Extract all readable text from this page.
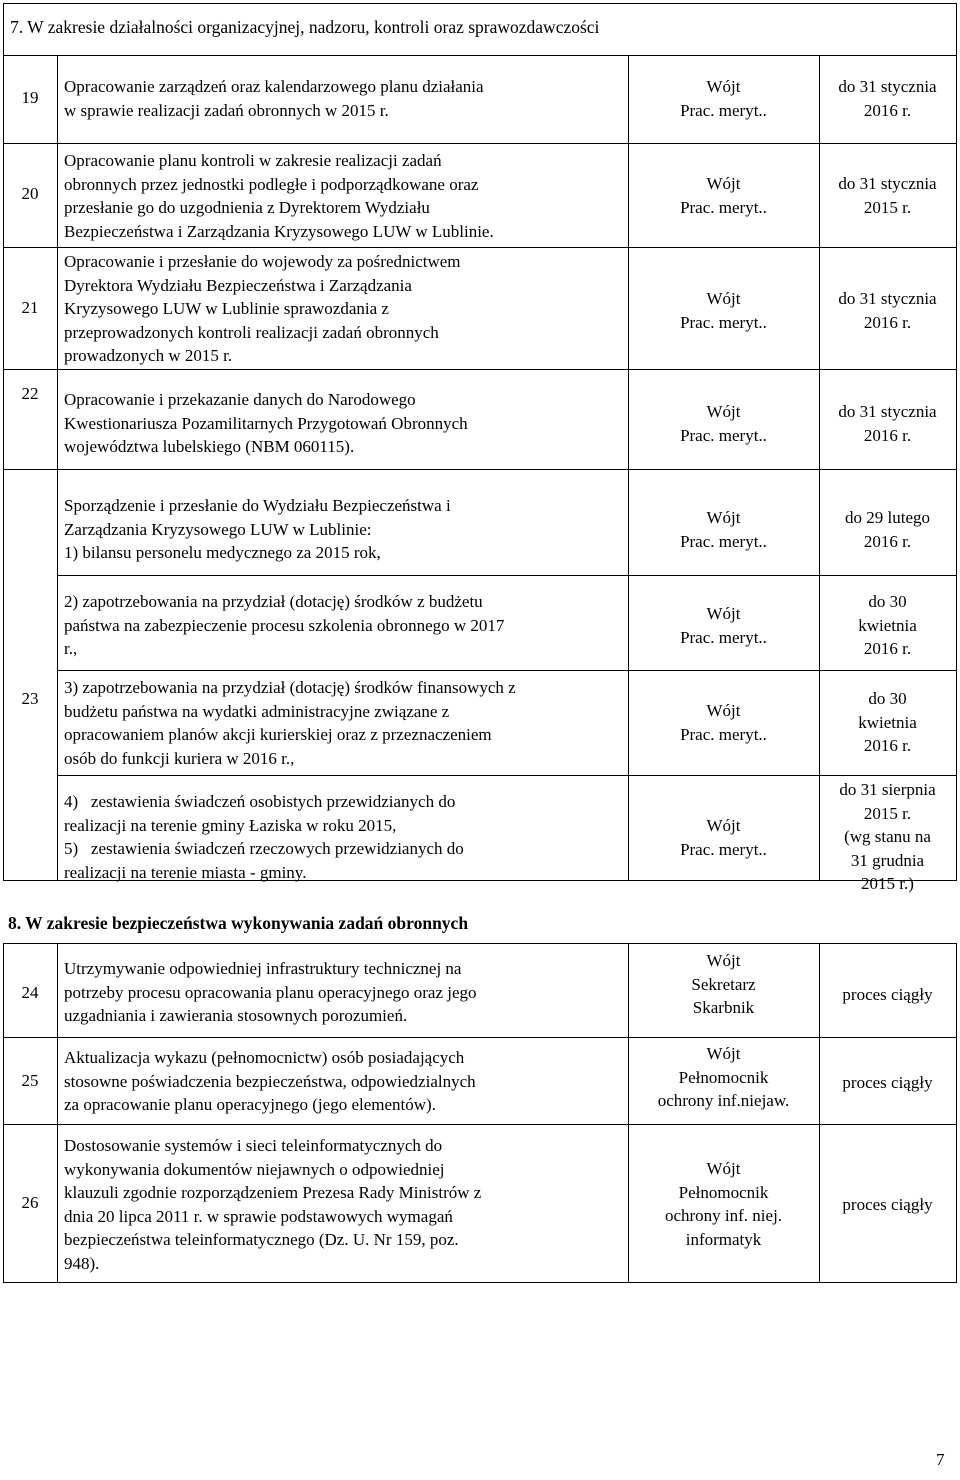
7. W zakresie działalności organizacyjnej, nadzoru, kontroli oraz sprawozdawczości
19
Opracowanie zarządzeń oraz kalendarzowego planu działania
w sprawie realizacji zadań obronnych w 2015 r.
Wójt
Prac. meryt..
do 31 stycznia
2016 r.
20
Opracowanie planu kontroli w zakresie realizacji zadań
obronnych przez jednostki podległe i podporządkowane oraz
przesłanie go do uzgodnienia z Dyrektorem Wydziału
Bezpieczeństwa i Zarządzania Kryzysowego LUW w Lublinie.
Wójt
Prac. meryt..
do 31 stycznia
2015 r.
21
Opracowanie i przesłanie do wojewody za pośrednictwem
Dyrektora Wydziału Bezpieczeństwa i Zarządzania
Kryzysowego LUW w Lublinie sprawozdania z
przeprowadzonych kontroli realizacji zadań obronnych
prowadzonych w 2015 r.
Wójt
Prac. meryt..
do 31 stycznia
2016 r.
22	Opracowanie i przekazanie danych do Narodowego
Kwestionariusza Pozamilitarnych Przygotowań Obronnych
województwa lubelskiego (NBM 060115).
Wójt
Prac. meryt..
do 31 stycznia
2016 r.
23
Sporządzenie i przesłanie do Wydziału Bezpieczeństwa i
Zarządzania Kryzysowego LUW w Lublinie:
1) bilansu personelu medycznego za 2015 rok,
Wójt
Prac. meryt..
do 29 lutego
2016 r.
2) zapotrzebowania na przydział (dotację) środków z budżetu
państwa na zabezpieczenie procesu szkolenia obronnego w 2017
r.,
Wójt
Prac. meryt..
do 30
kwietnia
2016 r.
3) zapotrzebowania na przydział (dotację) środków finansowych z
budżetu państwa na wydatki administracyjne związane z
opracowaniem planów akcji kurierskiej oraz z przeznaczeniem
osób do funkcji kuriera w 2016 r.,
Wójt
Prac. meryt..
do 30
kwietnia
2016 r.
4)   zestawienia świadczeń osobistych przewidzianych do
realizacji na terenie gminy Łaziska w roku 2015,
5)   zestawienia świadczeń rzeczowych przewidzianych do
realizacji na terenie miasta - gminy.
Wójt
Prac. meryt..
do 31 sierpnia
2015 r.
(wg stanu na
31 grudnia
2015 r.)
8. W zakresie bezpieczeństwa wykonywania zadań obronnych
24
Utrzymywanie odpowiedniej infrastruktury technicznej na
potrzeby procesu opracowania planu operacyjnego oraz jego
uzgadniania i zawierania stosownych porozumień.
Wójt
Sekretarz
Skarbnik
proces ciągły
25
Aktualizacja wykazu (pełnomocnictw) osób posiadających
stosowne poświadczenia bezpieczeństwa, odpowiedzialnych
za opracowanie planu operacyjnego (jego elementów).
Wójt
Pełnomocnik
ochrony inf.niejaw.
proces ciągły
26
Dostosowanie systemów i sieci teleinformatycznych do
wykonywania dokumentów niejawnych o odpowiedniej
klauzuli zgodnie rozporządzeniem Prezesa Rady Ministrów z
dnia 20 lipca 2011 r. w sprawie podstawowych wymagań
bezpieczeństwa teleinformatycznego (Dz. U. Nr 159, poz.
948).
Wójt
Pełnomocnik
ochrony inf. niej.
informatyk
proces ciągły
7
